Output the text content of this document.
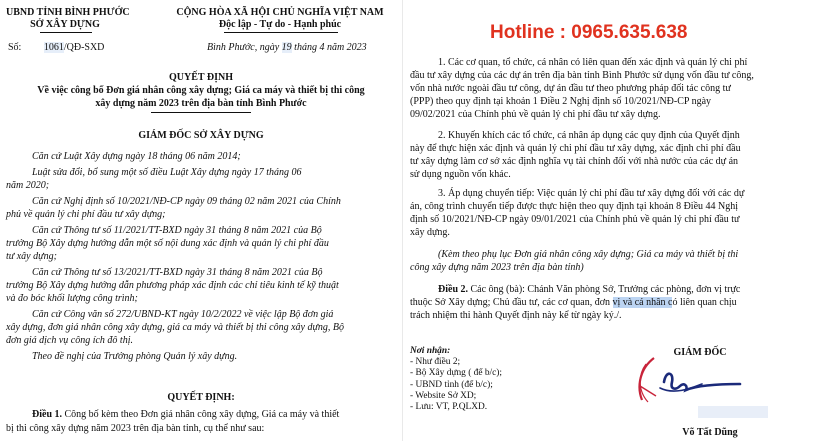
UBND TỈNH BÌNH PHƯỚC
SỞ XÂY DỰNG
Số: 1061/QĐ-SXD
CỘNG HÒA XÃ HỘI CHỦ NGHĨA VIỆT NAM
Độc lập - Tự do - Hạnh phúc
Bình Phước, ngày 19 tháng 4 năm 2023
QUYẾT ĐỊNH
Về việc công bố Đơn giá nhân công xây dựng; Giá ca máy và thiết bị thi công
xây dựng năm 2023 trên địa bàn tỉnh Bình Phước
GIÁM ĐỐC SỞ XÂY DỰNG
Căn cứ Luật Xây dựng ngày 18 tháng 06 năm 2014;
Luật sửa đổi, bổ sung một số điều Luật Xây dựng ngày 17 tháng 06
năm 2020;
Căn cứ Nghị định số 10/2021/NĐ-CP ngày 09 tháng 02 năm 2021 của Chính
phủ về quản lý chi phí đầu tư xây dựng;
Căn cứ Thông tư số 11/2021/TT-BXD ngày 31 tháng 8 năm 2021 của Bộ
trưởng Bộ Xây dựng hướng dẫn một số nội dung xác định và quản lý chi phí đầu
tư xây dựng;
Căn cứ Thông tư số 13/2021/TT-BXD ngày 31 tháng 8 năm 2021 của Bộ
trưởng Bộ Xây dựng hướng dẫn phương pháp xác định các chỉ tiêu kinh tế kỹ thuật
và đo bóc khối lượng công trình;
Căn cứ Công văn số 272/UBND-KT ngày 10/2/2022 về việc lập Bộ đơn giá
xây dựng, đơn giá nhân công xây dựng, giá ca máy và thiết bị thi công xây dựng, Bộ
đơn giá dịch vụ công ích đô thị.
Theo đề nghị của Trưởng phòng Quản lý xây dựng.
QUYẾT ĐỊNH:
Điều 1. Công bố kèm theo Đơn giá nhân công xây dựng, Giá ca máy và thiết
bị thi công xây dựng năm 2023 trên địa bàn tỉnh, cụ thể như sau:
Hotline : 0965.635.638
1. Các cơ quan, tổ chức, cá nhân có liên quan đến xác định và quản lý chi phí
đầu tư xây dựng của các dự án trên địa bàn tỉnh Bình Phước sử dụng vốn đầu tư công,
vốn nhà nước ngoài đầu tư công, dự án đầu tư theo phương pháp đối tác công tư
(PPP) theo quy định tại khoản 1 Điều 2 Nghị định số 10/2021/NĐ-CP ngày
09/02/2021 của Chính phủ về quản lý chi phí đầu tư xây dựng.
2. Khuyến khích các tổ chức, cá nhân áp dụng các quy định của Quyết định
này để thực hiện xác định và quản lý chi phí đầu tư xây dựng, xác định chi phí đầu
tư xây dựng làm cơ sở xác định nghĩa vụ tài chính đối với nhà nước của các dự án
sử dụng nguồn vốn khác.
3. Áp dụng chuyển tiếp: Việc quản lý chi phí đầu tư xây dựng đối với các dự
án, công trình chuyển tiếp được thực hiện theo quy định tại khoản 8 Điều 44 Nghị
định số 10/2021/NĐ-CP ngày 09/01/2021 của Chính phủ về quản lý chi phí đầu tư
xây dựng.
(Kèm theo phụ lục Đơn giá nhân công xây dựng; Giá ca máy và thiết bị thi
công xây dựng năm 2023 trên địa bàn tỉnh)
Điều 2. Các ông (bà): Chánh Văn phòng Sở, Trưởng các phòng, đơn vị trực
thuộc Sở Xây dựng; Chủ đầu tư, các cơ quan, đơn vị và cá nhân có liên quan chịu
trách nhiệm thi hành Quyết định này kể từ ngày ký./.
Nơi nhận:
- Như điều 2;
- Bộ Xây dựng ( để b/c);
- UBND tỉnh (để b/c);
- Website Sở XD;
- Lưu: VT, P.QLXD.
GIÁM ĐỐC
Võ Tất Dũng
